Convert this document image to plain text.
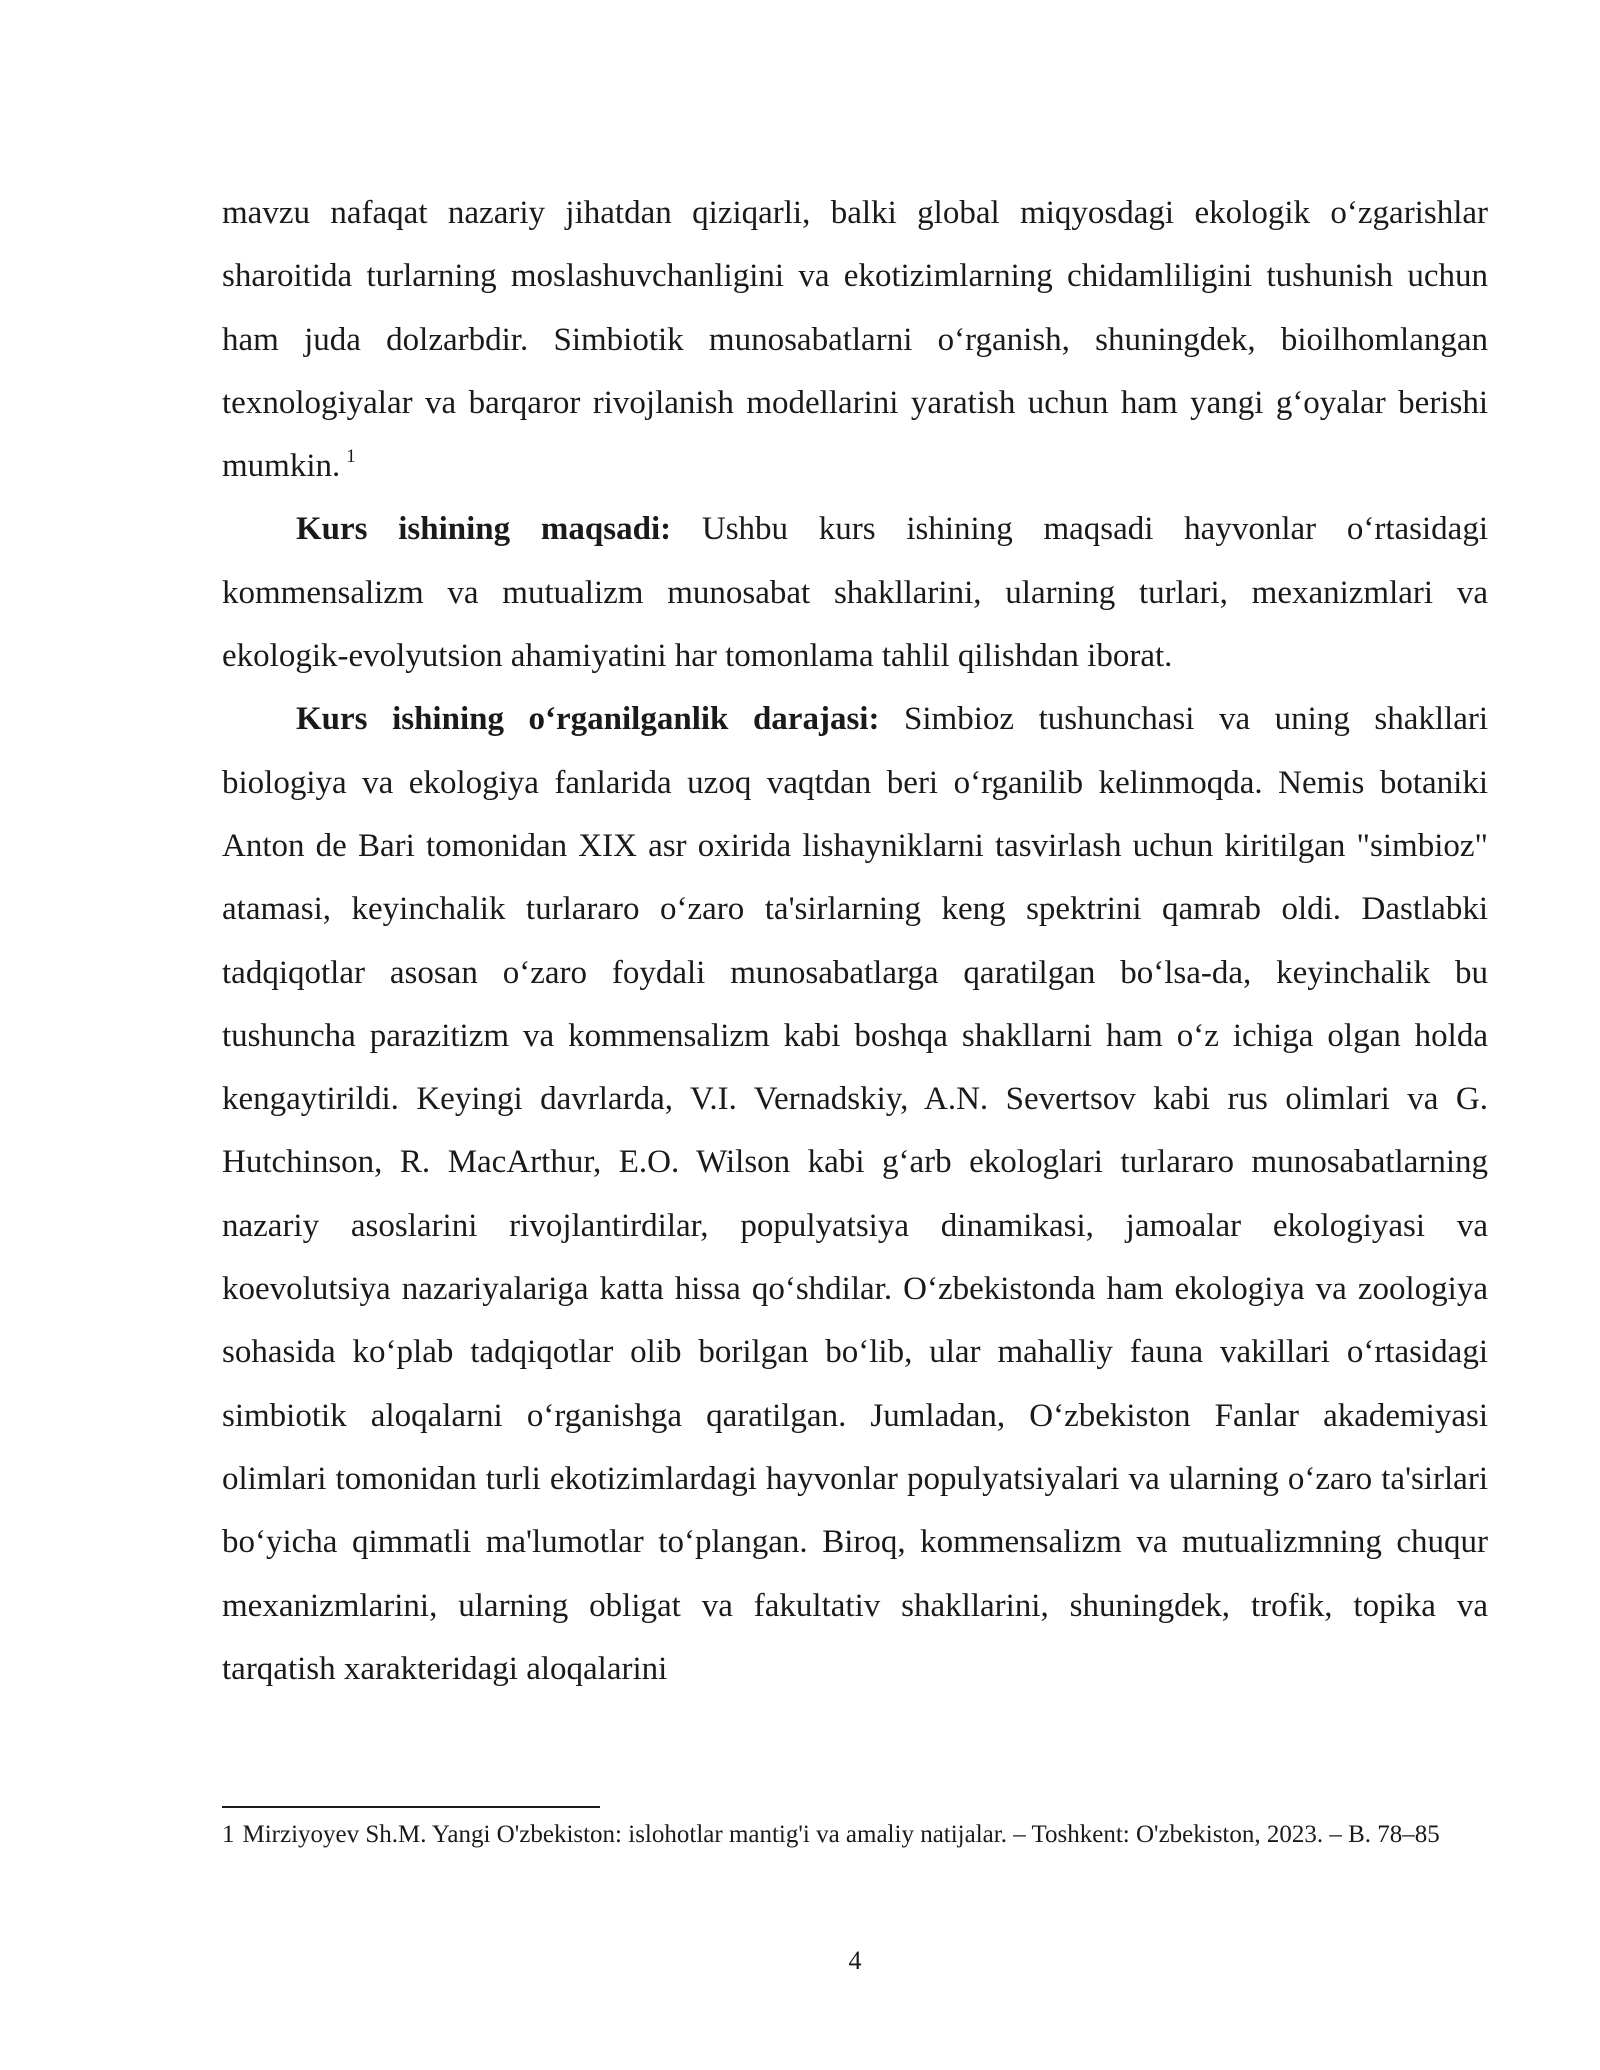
mavzu nafaqat nazariy jihatdan qiziqarli, balki global miqyosdagi ekologik oʻzgarishlar sharoitida turlarning moslashuvchanligini va ekotizimlarning chidamliligini tushunish uchun ham juda dolzarbdir. Simbiotik munosabatlarni oʻrganish, shuningdek, bioilhomlangan texnologiyalar va barqaror rivojlanish modellarini yaratish uchun ham yangi gʻoyalar berishi mumkin. $^1$

Kurs ishining maqsadi: Ushbu kurs ishining maqsadi hayvonlar oʻrtasidagi kommensalizm va mutualizm munosabat shakllarini, ularning turlari, mexanizmlari va ekologik-evolyutsion ahamiyatini har tomonlama tahlil qilishdan iborat.

Kurs ishining oʻrganilganlik darajasi: Simbioz tushunchasi va uning shakllari biologiya va ekologiya fanlarida uzoq vaqtdan beri oʻrganilib kelinmoqda. Nemis botaniki Anton de Bari tomonidan XIX asr oxirida lishayniklarni tasvirlash uchun kiritilgan "simbioz" atamasi, keyinchalik turlararo oʻzaro ta'sirlarning keng spektrini qamrab oldi. Dastlabki tadqiqotlar asosan oʻzaro foydali munosabatlarga qaratilgan boʻlsa-da, keyinchalik bu tushuncha parazitizm va kommensalizm kabi boshqa shakllarni ham oʻz ichiga olgan holda kengaytirildi. Keyingi davrlarda, V.I. Vernadskiy, A.N. Severtsov kabi rus olimlari va G. Hutchinson, R. MacArthur, E.O. Wilson kabi gʻarb ekologlari turlararo munosabatlarning nazariy asoslarini rivojlantirdilar, populyatsiya dinamikasi, jamoalar ekologiyasi va koevolutsiya nazariyalariga katta hissa qoʻshdilar. Oʻzbekistonda ham ekologiya va zoologiya sohasida koʻplab tadqiqotlar olib borilgan boʻlib, ular mahalliy fauna vakillari oʻrtasidagi simbiotik aloqalarni oʻrganishga qaratilgan. Jumladan, Oʻzbekiston Fanlar akademiyasi olimlari tomonidan turli ekotizimlardagi hayvonlar populyatsiyalari va ularning oʻzaro ta'sirlari boʻyicha qimmatli ma'lumotlar toʻplangan. Biroq, kommensalizm va mutualizmning chuqur mexanizmlarini, ularning obligat va fakultativ shakllarini, shuningdek, trofik, topika va tarqatish xarakteridagi aloqalarini

1 Mirziyoyev Sh.M. Yangi O'zbekiston: islohotlar mantig'i va amaliy natijalar. – Toshkent: O'zbekiston, 2023. – B. 78–85
4
